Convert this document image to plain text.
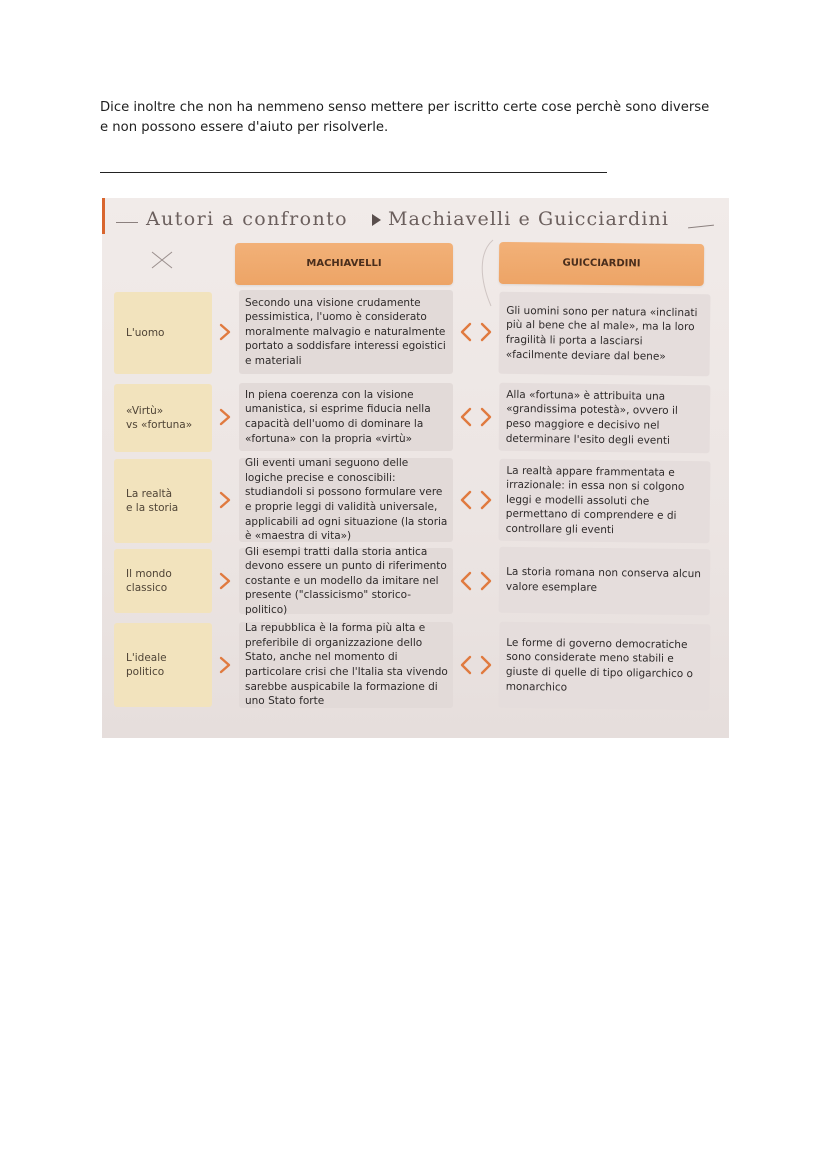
Dice inoltre che non ha nemmeno senso mettere per iscritto certe cose perchè sono diverse e non possono essere d'aiuto per risolverle.
Autori a confronto Machiavelli e Guicciardini
MACHIAVELLI	GUICCIARDINI
L'uomo
Secondo una visione crudamente pessimistica, l'uomo è considerato moralmente malvagio e naturalmente portato a soddisfare interessi egoistici e materiali
Gli uomini sono per natura «inclinati più al bene che al male», ma la loro fragilità li porta a lasciarsi «facilmente deviare dal bene»
«Virtù»
vs «fortuna»
In piena coerenza con la visione umanistica, si esprime fiducia nella capacità dell'uomo di dominare la «fortuna» con la propria «virtù»
Alla «fortuna» è attribuita una «grandissima potestà», ovvero il peso maggiore e decisivo nel determinare l'esito degli eventi
La realtà
e la storia
Gli eventi umani seguono delle logiche precise e conoscibili: studiandoli si possono formulare vere e proprie leggi di validità universale, applicabili ad ogni situazione (la storia è «maestra di vita»)
La realtà appare frammentata e irrazionale: in essa non si colgono leggi e modelli assoluti che permettano di comprendere e di controllare gli eventi
Il mondo
classico
Gli esempi tratti dalla storia antica devono essere un punto di riferimento costante e un modello da imitare nel presente ("classicismo" storico-politico)
La storia romana non conserva alcun valore esemplare
L'ideale
politico
La repubblica è la forma più alta e preferibile di organizzazione dello Stato, anche nel momento di particolare crisi che l'Italia sta vivendo sarebbe auspicabile la formazione di uno Stato forte
Le forme di governo democratiche sono considerate meno stabili e giuste di quelle di tipo oligarchico o monarchico
